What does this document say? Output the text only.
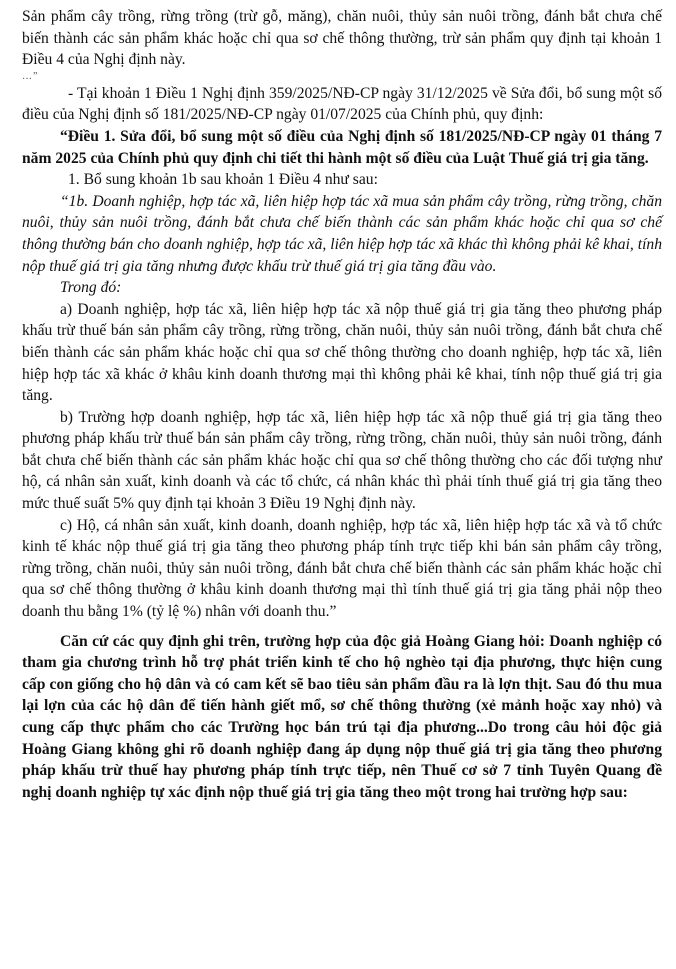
Sản phẩm cây trồng, rừng trồng (trừ gỗ, măng), chăn nuôi, thủy sản nuôi trồng, đánh bắt chưa chế biến thành các sản phẩm khác hoặc chỉ qua sơ chế thông thường, trừ sản phẩm quy định tại khoản 1 Điều 4 của Nghị định này.

…”

- Tại khoản 1 Điều 1 Nghị định 359/2025/NĐ-CP ngày 31/12/2025 về Sửa đổi, bổ sung một số điều của Nghị định số 181/2025/NĐ-CP ngày 01/07/2025 của Chính phủ, quy định:

“Điều 1. Sửa đổi, bổ sung một số điều của Nghị định số 181/2025/NĐ-CP ngày 01 tháng 7 năm 2025 của Chính phủ quy định chi tiết thi hành một số điều của Luật Thuế giá trị gia tăng.

1. Bổ sung khoản 1b sau khoản 1 Điều 4 như sau:

“1b. Doanh nghiệp, hợp tác xã, liên hiệp hợp tác xã mua sản phẩm cây trồng, rừng trồng, chăn nuôi, thủy sản nuôi trồng, đánh bắt chưa chế biến thành các sản phẩm khác hoặc chỉ qua sơ chế thông thường bán cho doanh nghiệp, hợp tác xã, liên hiệp hợp tác xã khác thì không phải kê khai, tính nộp thuế giá trị gia tăng nhưng được khấu trừ thuế giá trị gia tăng đầu vào.

Trong đó:

a) Doanh nghiệp, hợp tác xã, liên hiệp hợp tác xã nộp thuế giá trị gia tăng theo phương pháp khấu trừ thuế bán sản phẩm cây trồng, rừng trồng, chăn nuôi, thủy sản nuôi trồng, đánh bắt chưa chế biến thành các sản phẩm khác hoặc chỉ qua sơ chế thông thường cho doanh nghiệp, hợp tác xã, liên hiệp hợp tác xã khác ở khâu kinh doanh thương mại thì không phải kê khai, tính nộp thuế giá trị gia tăng.

b) Trường hợp doanh nghiệp, hợp tác xã, liên hiệp hợp tác xã nộp thuế giá trị gia tăng theo phương pháp khấu trừ thuế bán sản phẩm cây trồng, rừng trồng, chăn nuôi, thủy sản nuôi trồng, đánh bắt chưa chế biến thành các sản phẩm khác hoặc chỉ qua sơ chế thông thường cho các đối tượng như hộ, cá nhân sản xuất, kinh doanh và các tổ chức, cá nhân khác thì phải tính thuế giá trị gia tăng theo mức thuế suất 5% quy định tại khoản 3 Điều 19 Nghị định này.

c) Hộ, cá nhân sản xuất, kinh doanh, doanh nghiệp, hợp tác xã, liên hiệp hợp tác xã và tổ chức kinh tế khác nộp thuế giá trị gia tăng theo phương pháp tính trực tiếp khi bán sản phẩm cây trồng, rừng trồng, chăn nuôi, thủy sản nuôi trồng, đánh bắt chưa chế biến thành các sản phẩm khác hoặc chỉ qua sơ chế thông thường ở khâu kinh doanh thương mại thì tính thuế giá trị gia tăng phải nộp theo doanh thu bằng 1% (tỷ lệ %) nhân với doanh thu.”

Căn cứ các quy định ghi trên, trường hợp của độc giả Hoàng Giang hỏi: Doanh nghiệp có tham gia chương trình hỗ trợ phát triển kinh tế cho hộ nghèo tại địa phương, thực hiện cung cấp con giống cho hộ dân và có cam kết sẽ bao tiêu sản phẩm đầu ra là lợn thịt. Sau đó thu mua lại lợn của các hộ dân để tiến hành giết mổ, sơ chế thông thường (xẻ mảnh hoặc xay nhỏ) và cung cấp thực phẩm cho các Trường học bán trú tại địa phương...Do trong câu hỏi độc giả Hoàng Giang không ghi rõ doanh nghiệp đang áp dụng nộp thuế giá trị gia tăng theo phương pháp khấu trừ thuế hay phương pháp tính trực tiếp, nên Thuế cơ sở 7 tỉnh Tuyên Quang đề nghị doanh nghiệp tự xác định nộp thuế giá trị gia tăng theo một trong hai trường hợp sau:
